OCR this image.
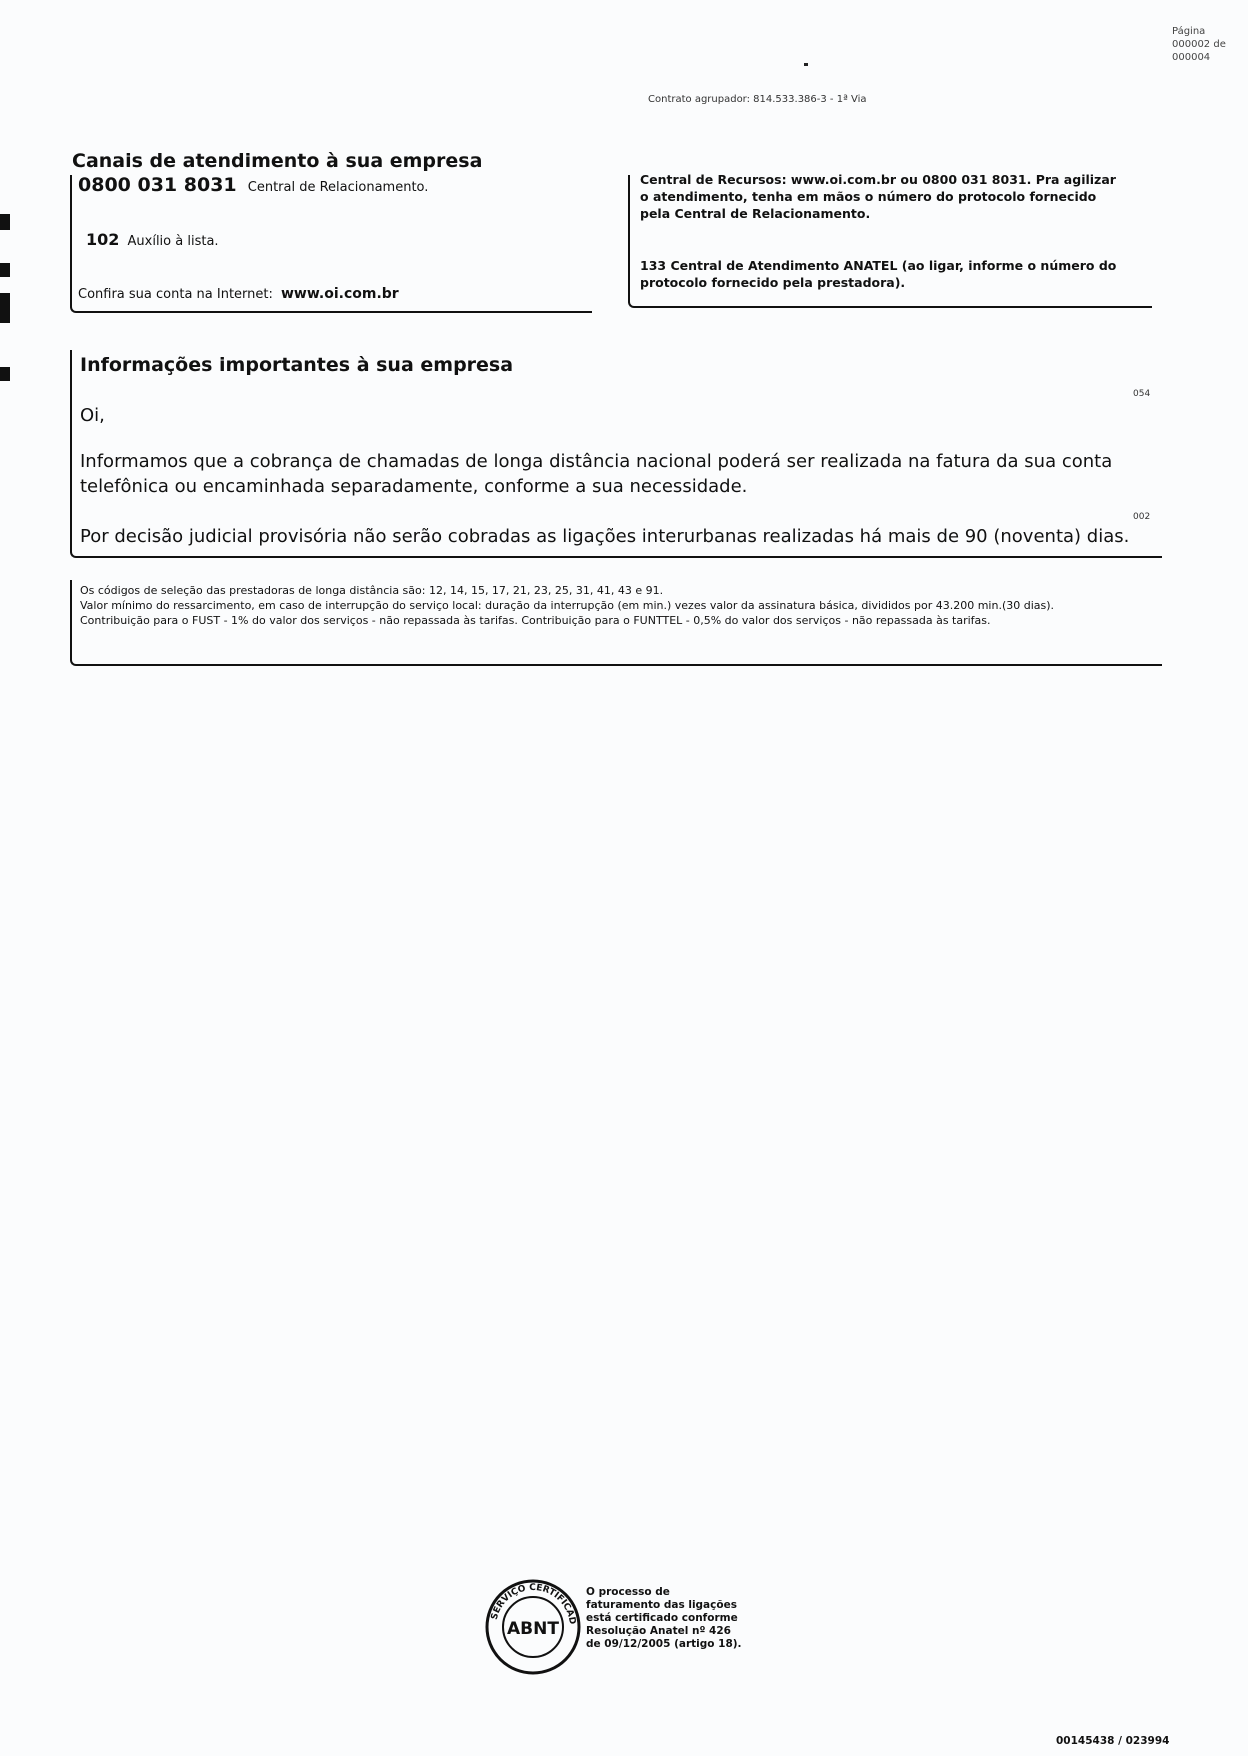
Página
000002 de
000004
Contrato agrupador: 814.533.386-3 - 1ª Via
Canais de atendimento à sua empresa
0800 031 8031 Central de Relacionamento.
102 Auxílio à lista.
Confira sua conta na Internet: www.oi.com.br
Central de Recursos: www.oi.com.br ou 0800 031 8031. Pra agilizar o atendimento, tenha em mãos o número do protocolo fornecido pela Central de Relacionamento.
133 Central de Atendimento ANATEL (ao ligar, informe o número do protocolo fornecido pela prestadora).
Informações importantes à sua empresa
054
Oi,
Informamos que a cobrança de chamadas de longa distância nacional poderá ser realizada na fatura da sua conta telefônica ou encaminhada separadamente, conforme a sua necessidade.
002
Por decisão judicial provisória não serão cobradas as ligações interurbanas realizadas há mais de 90 (noventa) dias.
Os códigos de seleção das prestadoras de longa distância são: 12, 14, 15, 17, 21, 23, 25, 31, 41, 43 e 91.
Valor mínimo do ressarcimento, em caso de interrupção do serviço local: duração da interrupção (em min.) vezes valor da assinatura básica, divididos por 43.200 min.(30 dias).
Contribuição para o FUST - 1% do valor dos serviços - não repassada às tarifas. Contribuição para o FUNTTEL - 0,5% do valor dos serviços - não repassada às tarifas.
SERVIÇO CERTIFICAD
ABNT
O processo de faturamento das ligações está certificado conforme Resolução Anatel nº 426 de 09/12/2005 (artigo 18).
00145438 / 023994
